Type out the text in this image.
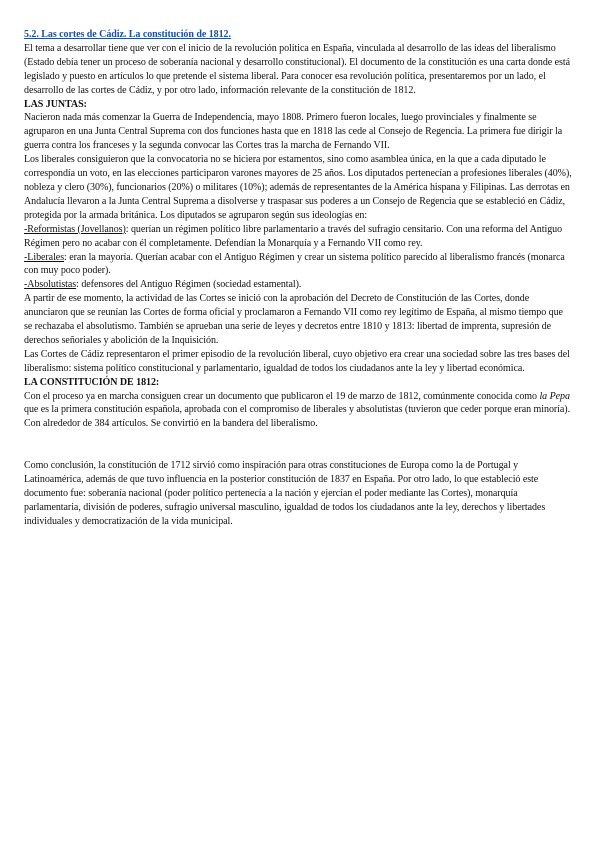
5.2. Las cortes de Cádiz. La constitución de 1812.

El tema a desarrollar tiene que ver con el inicio de la revolución política en España, vinculada al desarrollo de las ideas del liberalismo (Estado debía tener un proceso de soberanía nacional y desarrollo constitucional). El documento de la constitución es una carta donde está legislado y puesto en artículos lo que pretende el sistema liberal. Para conocer esa revolución política, presentaremos por un lado, el desarrollo de las cortes de Cádiz, y por otro lado, información relevante de la constitución de 1812.

LAS JUNTAS:

Nacieron nada más comenzar la Guerra de Independencia, mayo 1808. Primero fueron locales, luego provinciales y finalmente se agruparon en una Junta Central Suprema con dos funciones hasta que en 1818 las cede al Consejo de Regencia. La primera fue dirigir la guerra contra los franceses y la segunda convocar las Cortes tras la marcha de Fernando VII.

Los liberales consiguieron que la convocatoria no se hiciera por estamentos, sino como asamblea única, en la que a cada diputado le correspondía un voto, en las elecciones participaron varones mayores de 25 años. Los diputados pertenecían a profesiones liberales (40%), nobleza y clero (30%), funcionarios (20%) o militares (10%); además de representantes de la América hispana y Filipinas. Las derrotas en Andalucía llevaron a la Junta Central Suprema a disolverse y traspasar sus poderes a un Consejo de Regencia que se estableció en Cádiz, protegida por la armada británica. Los diputados se agruparon según sus ideologías en:

-Reformistas (Jovellanos): querían un régimen político libre parlamentario a través del sufragio censitario. Con una reforma del Antiguo Régimen pero no acabar con él completamente. Defendían la Monarquía y a Fernando VII como rey.

-Liberales: eran la mayoría. Querían acabar con el Antiguo Régimen y crear un sistema político parecido al liberalismo francés (monarca con muy poco poder).

-Absolutistas: defensores del Antiguo Régimen (sociedad estamental).

A partir de ese momento, la actividad de las Cortes se inició con la aprobación del Decreto de Constitución de las Cortes, donde anunciaron que se reunían las Cortes de forma oficial y proclamaron a Fernando VII como rey legítimo de España, al mismo tiempo que se rechazaba el absolutismo. También se aprueban una serie de leyes y decretos entre 1810 y 1813: libertad de imprenta, supresión de derechos señoriales y abolición de la Inquisición.

Las Cortes de Cádiz representaron el primer episodio de la revolución liberal, cuyo objetivo era crear una sociedad sobre las tres bases del liberalismo: sistema político constitucional y parlamentario, igualdad de todos los ciudadanos ante la ley y libertad económica.

LA CONSTITUCIÓN DE 1812:

Con el proceso ya en marcha consiguen crear un documento que publicaron el 19 de marzo de 1812, comúnmente conocida como la Pepa que es la primera constitución española, aprobada con el compromiso de liberales y absolutistas (tuvieron que ceder porque eran minoría). Con alrededor de 384 artículos. Se convirtió en la bandera del liberalismo.

Como conclusión, la constitución de 1712 sirvió como inspiración para otras constituciones de Europa como la de Portugal y Latinoamérica, además de que tuvo influencia en la posterior constitución de 1837 en España. Por otro lado, lo que estableció este documento fue: soberanía nacional (poder político pertenecía a la nación y ejercían el poder mediante las Cortes), monarquía parlamentaria, división de poderes, sufragio universal masculino, igualdad de todos los ciudadanos ante la ley, derechos y libertades individuales y democratización de la vida municipal.
